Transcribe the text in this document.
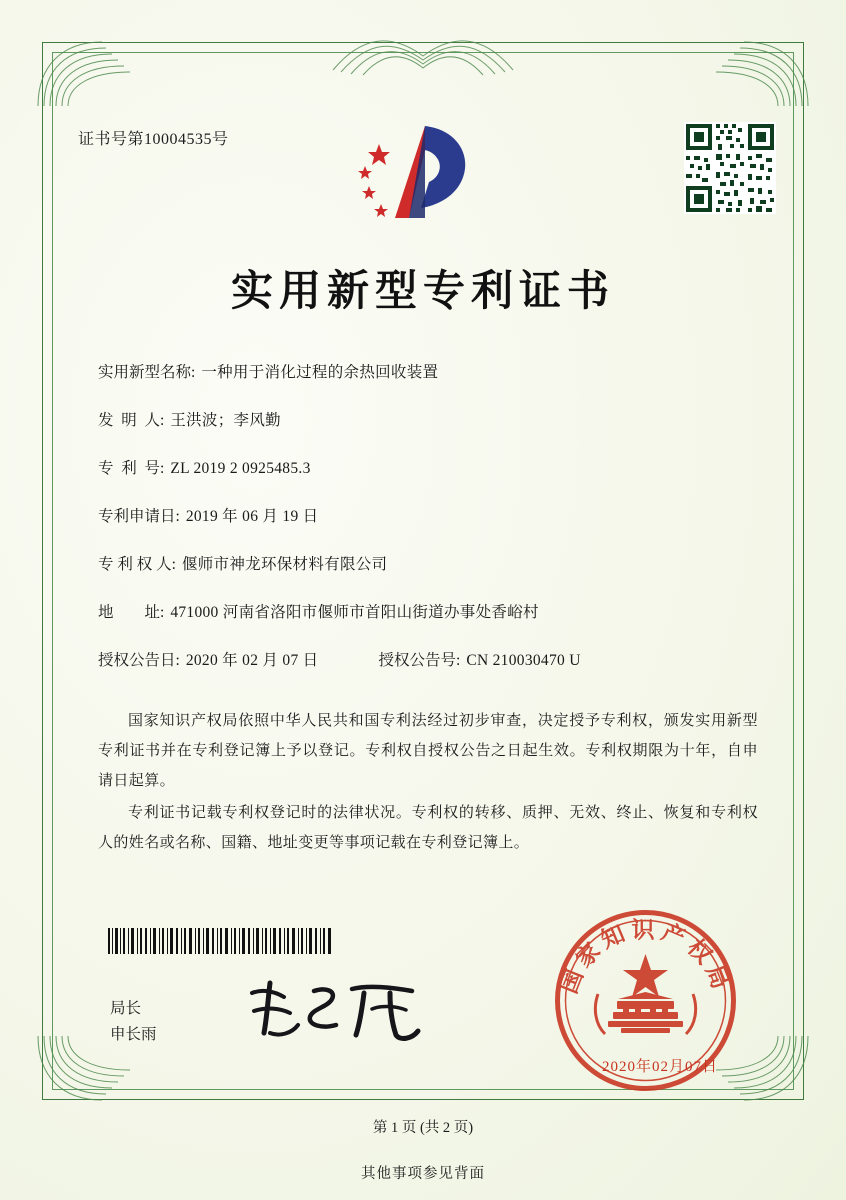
证书号第10004535号
实用新型专利证书
实用新型名称: 一种用于消化过程的余热回收装置
发  明  人: 王洪波；李风勤
专  利  号: ZL 2019 2 0925485.3
专利申请日: 2019 年 06 月 19 日
专 利 权 人: 偃师市神龙环保材料有限公司
地        址: 471000 河南省洛阳市偃师市首阳山街道办事处香峪村
授权公告日: 2020 年 02 月 07 日	授权公告号: CN 210030470 U

国家知识产权局依照中华人民共和国专利法经过初步审查，决定授予专利权，颁发实用新型专利证书并在专利登记簿上予以登记。专利权自授权公告之日起生效。专利权期限为十年，自申请日起算。

专利证书记载专利权登记时的法律状况。专利权的转移、质押、无效、终止、恢复和专利权人的姓名或名称、国籍、地址变更等事项记载在专利登记簿上。

局长
申长雨
国家知识产权局
2020年02月07日
第 1 页 (共 2 页)
其他事项参见背面
